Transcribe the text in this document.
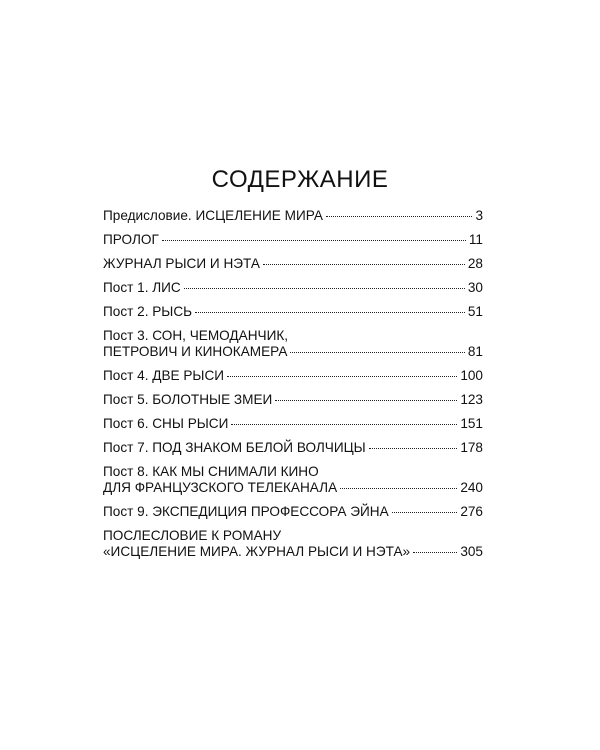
СОДЕРЖАНИЕ
Предисловие. ИСЦЕЛЕНИЕ МИРА	3
ПРОЛОГ	11
ЖУРНАЛ РЫСИ И НЭТА	28
Пост 1. ЛИС	30
Пост 2. РЫСЬ	51
Пост 3. СОН, ЧЕМОДАНЧИК,
ПЕТРОВИЧ И КИНОКАМЕРА	81
Пост 4. ДВЕ РЫСИ	100
Пост 5. БОЛОТНЫЕ ЗМЕИ	123
Пост 6. СНЫ РЫСИ	151
Пост 7. ПОД ЗНАКОМ БЕЛОЙ ВОЛЧИЦЫ	178
Пост 8. КАК МЫ СНИМАЛИ КИНО
ДЛЯ ФРАНЦУЗСКОГО ТЕЛЕКАНАЛА	240
Пост 9. ЭКСПЕДИЦИЯ ПРОФЕССОРА ЭЙНА	276
ПОСЛЕСЛОВИЕ К РОМАНУ
«ИСЦЕЛЕНИЕ МИРА. ЖУРНАЛ РЫСИ И НЭТА»	305
